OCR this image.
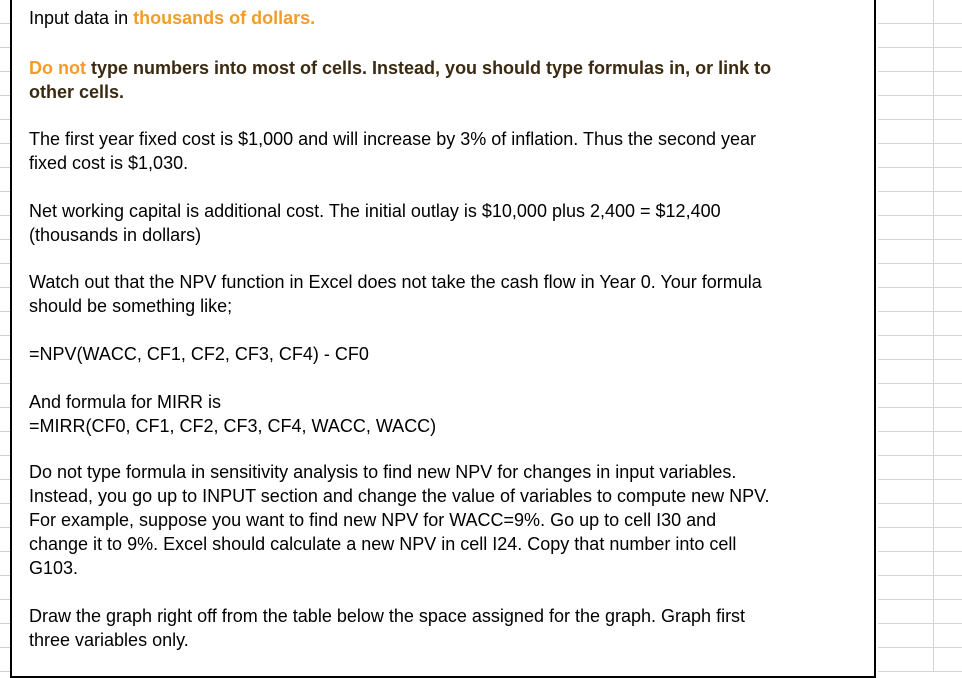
Input data in thousands of dollars.

Do not type numbers into most of cells. Instead, you should type formulas in, or link to

other cells.

The first year fixed cost is $1,000 and will increase by 3% of inflation. Thus the second year

fixed cost is $1,030.

Net working capital is additional cost. The initial outlay is $10,000 plus 2,400 = $12,400

(thousands in dollars)

Watch out that the NPV function in Excel does not take the cash flow in Year 0. Your formula

should be something like;

=NPV(WACC, CF1, CF2, CF3, CF4) - CF0

And formula for MIRR is

=MIRR(CF0, CF1, CF2, CF3, CF4, WACC, WACC)

Do not type formula in sensitivity analysis to find new NPV for changes in input variables.

Instead, you go up to INPUT section and change the value of variables to compute new NPV.

For example, suppose you want to find new NPV for WACC=9%. Go up to cell I30 and

change it to 9%. Excel should calculate a new NPV in cell I24. Copy that number into cell

G103.

Draw the graph right off from the table below the space assigned for the graph. Graph first

three variables only.
